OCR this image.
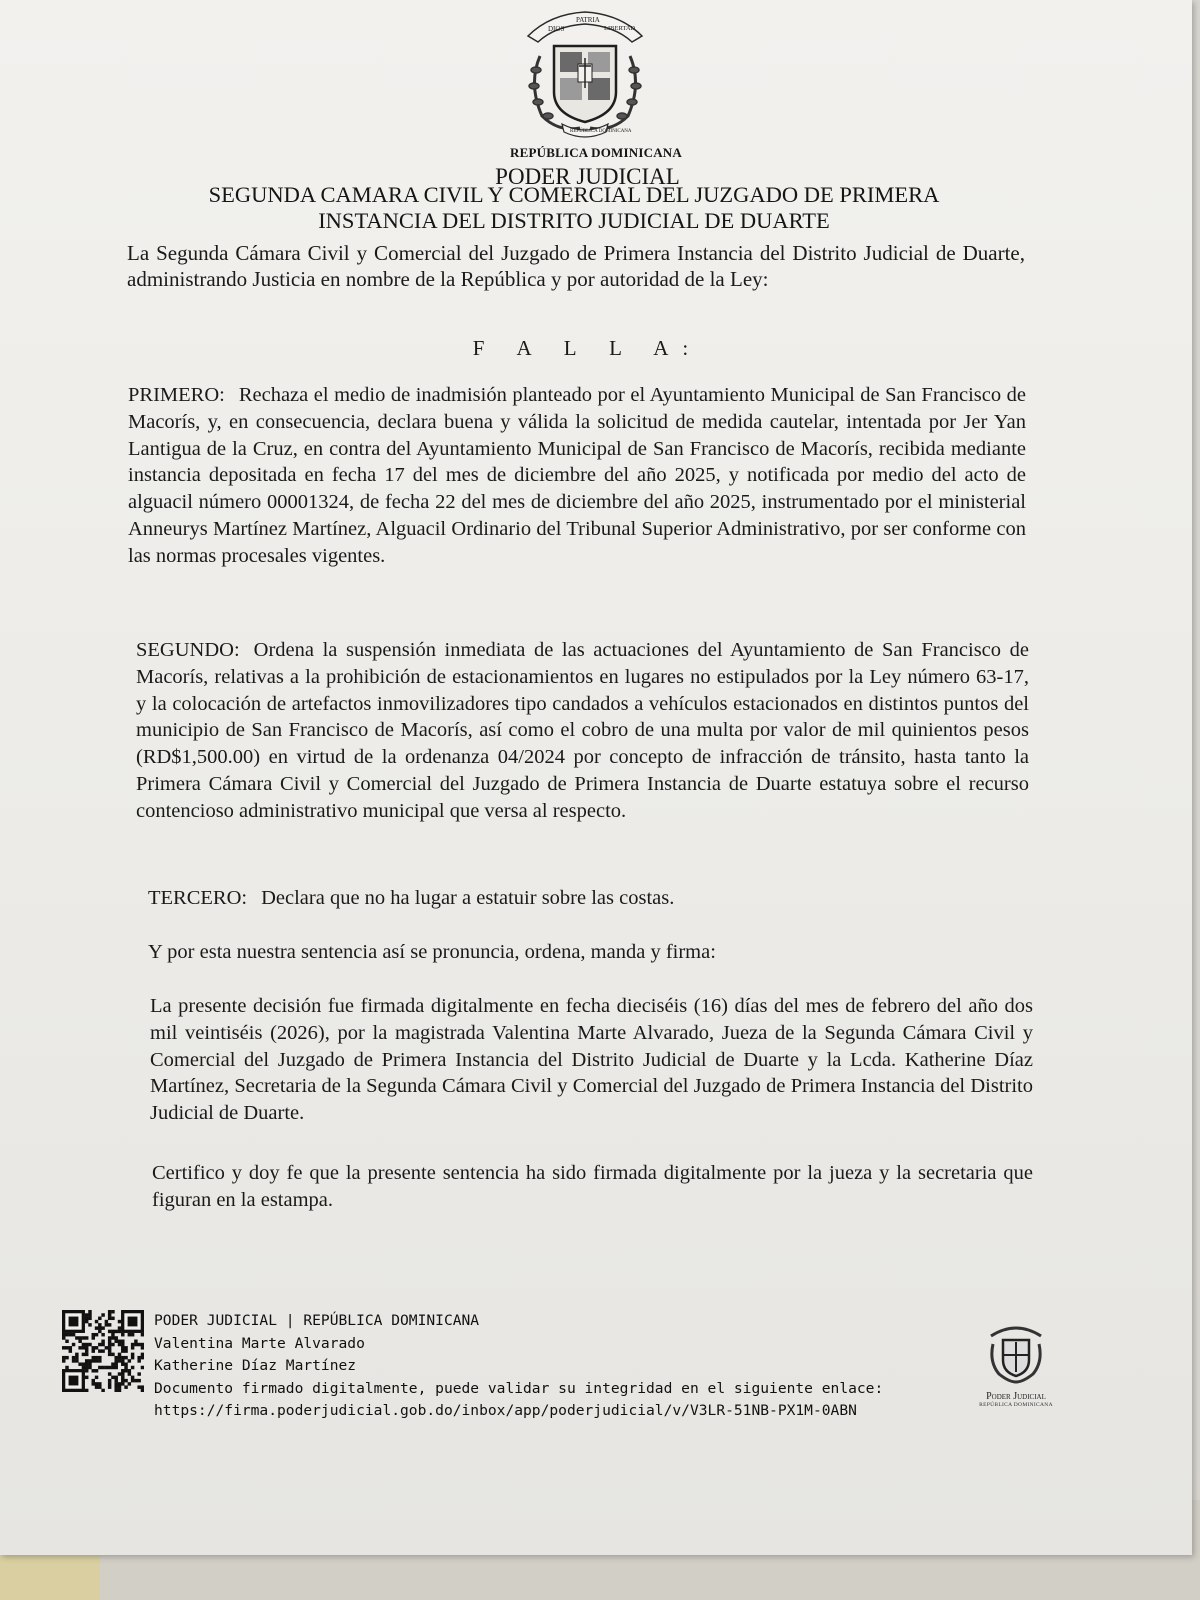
DIOS
PATRIA
LIBERTAD
REPÚBLICA DOMINICANA
REPÚBLICA DOMINICANA
PODER JUDICIAL
SEGUNDA CAMARA CIVIL Y COMERCIAL DEL JUZGADO DE PRIMERA
INSTANCIA DEL DISTRITO JUDICIAL DE DUARTE

La Segunda Cámara Civil y Comercial del Juzgado de Primera Instancia del Distrito Judicial de Duarte, administrando Justicia en nombre de la República y por autoridad de la Ley:

F A L L A:

PRIMERO: Rechaza el medio de inadmisión planteado por el Ayuntamiento Municipal de San Francisco de Macorís, y, en consecuencia, declara buena y válida la solicitud de medida cautelar, intentada por Jer Yan Lantigua de la Cruz, en contra del Ayuntamiento Municipal de San Francisco de Macorís, recibida mediante instancia depositada en fecha 17 del mes de diciembre del año 2025, y notificada por medio del acto de alguacil número 00001324, de fecha 22 del mes de diciembre del año 2025, instrumentado por el ministerial Anneurys Martínez Martínez, Alguacil Ordinario del Tribunal Superior Administrativo, por ser conforme con las normas procesales vigentes.

SEGUNDO: Ordena la suspensión inmediata de las actuaciones del Ayuntamiento de San Francisco de Macorís, relativas a la prohibición de estacionamientos en lugares no estipulados por la Ley número 63-17, y la colocación de artefactos inmovilizadores tipo candados a vehículos estacionados en distintos puntos del municipio de San Francisco de Macorís, así como el cobro de una multa por valor de mil quinientos pesos (RD$1,500.00) en virtud de la ordenanza 04/2024 por concepto de infracción de tránsito, hasta tanto la Primera Cámara Civil y Comercial del Juzgado de Primera Instancia de Duarte estatuya sobre el recurso contencioso administrativo municipal que versa al respecto.

TERCERO: Declara que no ha lugar a estatuir sobre las costas.

Y por esta nuestra sentencia así se pronuncia, ordena, manda y firma:

La presente decisión fue firmada digitalmente en fecha dieciséis (16) días del mes de febrero del año dos mil veintiséis (2026), por la magistrada Valentina Marte Alvarado, Jueza de la Segunda Cámara Civil y Comercial del Juzgado de Primera Instancia del Distrito Judicial de Duarte y la Lcda. Katherine Díaz Martínez, Secretaria de la Segunda Cámara Civil y Comercial del Juzgado de Primera Instancia del Distrito Judicial de Duarte.

Certifico y doy fe que la presente sentencia ha sido firmada digitalmente por la jueza y la secretaria que figuran en la estampa.

PODER JUDICIAL | REPÚBLICA DOMINICANA
Valentina Marte Alvarado
Katherine Díaz Martínez
Documento firmado digitalmente, puede validar su integridad en el siguiente enlace:
https://firma.poderjudicial.gob.do/inbox/app/poderjudicial/v/V3LR-51NB-PX1M-0ABN
Poder Judicial
REPÚBLICA DOMINICANA
